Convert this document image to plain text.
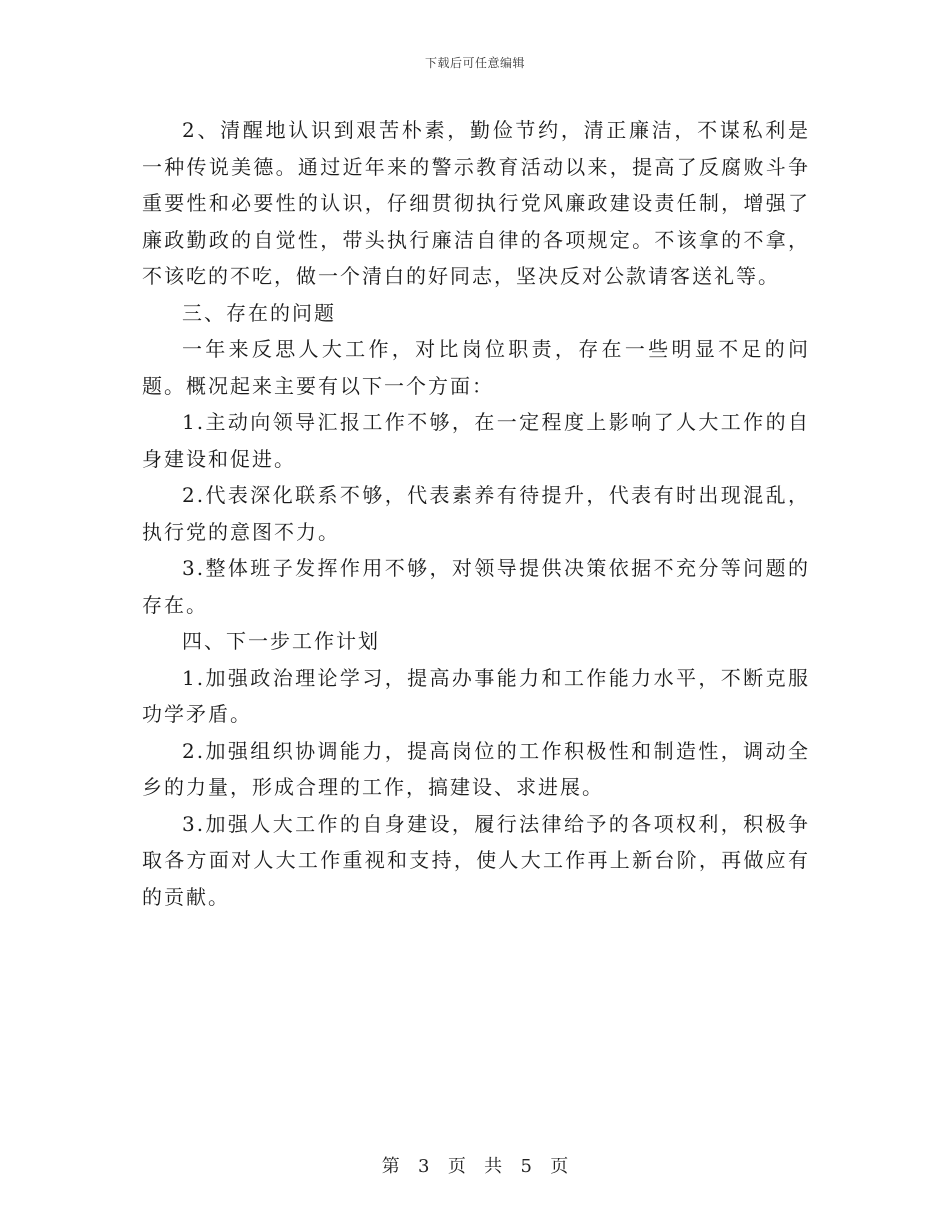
下载后可任意编辑

2、清醒地认识到艰苦朴素，勤俭节约，清正廉洁，不谋私利是一种传说美德。通过近年来的警示教育活动以来，提高了反腐败斗争重要性和必要性的认识，仔细贯彻执行党风廉政建设责任制，增强了廉政勤政的自觉性，带头执行廉洁自律的各项规定。不该拿的不拿，不该吃的不吃，做一个清白的好同志，坚决反对公款请客送礼等。

三、存在的问题

一年来反思人大工作，对比岗位职责，存在一些明显不足的问题。概况起来主要有以下一个方面：

1.主动向领导汇报工作不够，在一定程度上影响了人大工作的自身建设和促进。

2.代表深化联系不够，代表素养有待提升，代表有时出现混乱，执行党的意图不力。

3.整体班子发挥作用不够，对领导提供决策依据不充分等问题的存在。

四、下一步工作计划

1.加强政治理论学习，提高办事能力和工作能力水平，不断克服功学矛盾。

2.加强组织协调能力，提高岗位的工作积极性和制造性，调动全乡的力量，形成合理的工作，搞建设、求进展。

3.加强人大工作的自身建设，履行法律给予的各项权利，积极争取各方面对人大工作重视和支持，使人大工作再上新台阶，再做应有的贡献。

第 3 页 共 5 页
